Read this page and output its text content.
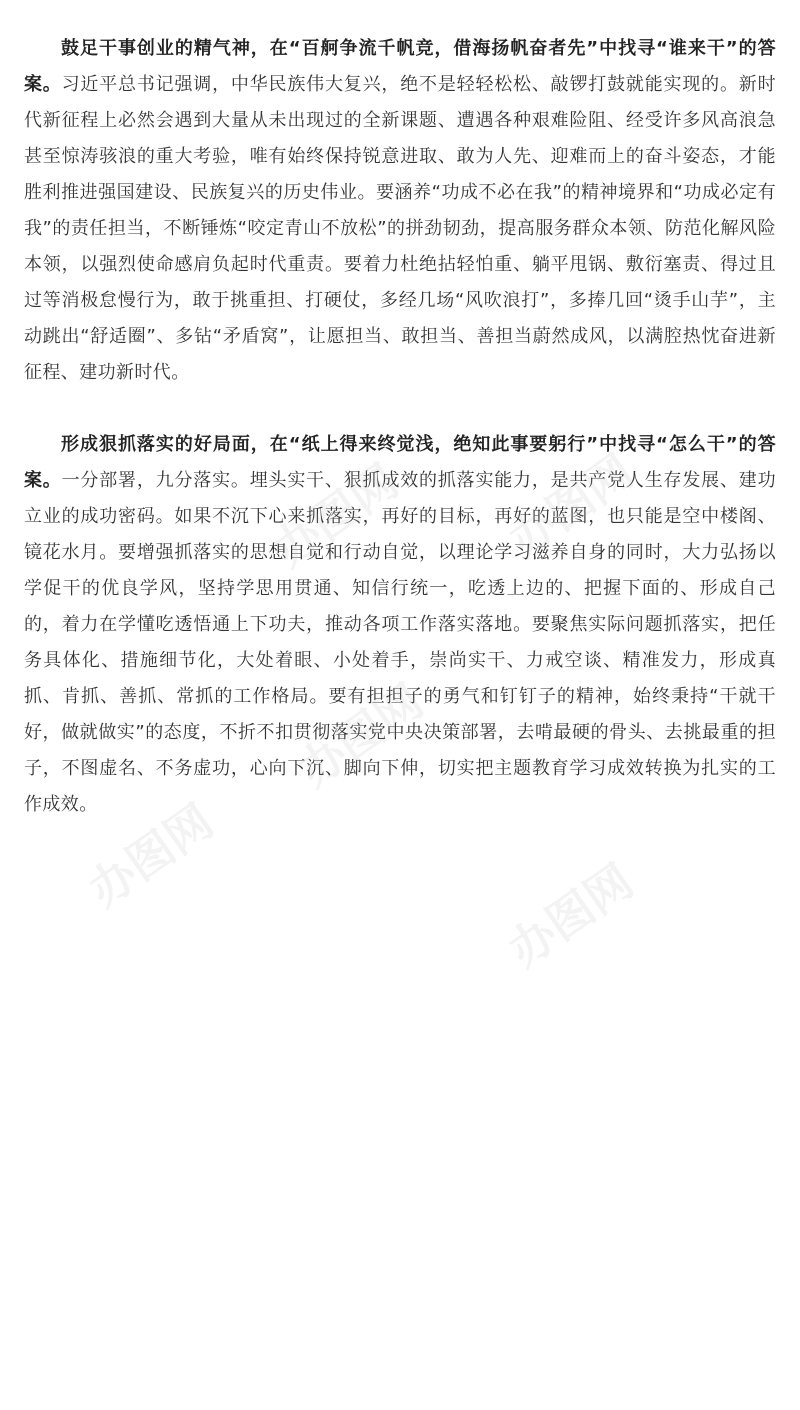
鼓足干事创业的精气神，在“百舸争流千帆竞，借海扬帆奋者先”中找寻“谁来干”的答案。习近平总书记强调，中华民族伟大复兴，绝不是轻轻松松、敲锣打鼓就能实现的。新时代新征程上必然会遇到大量从未出现过的全新课题、遭遇各种艰难险阻、经受许多风高浪急甚至惊涛骇浪的重大考验，唯有始终保持锐意进取、敢为人先、迎难而上的奋斗姿态，才能胜利推进强国建设、民族复兴的历史伟业。要涵养“功成不必在我”的精神境界和“功成必定有我”的责任担当，不断锤炼“咬定青山不放松”的拼劲韧劲，提高服务群众本领、防范化解风险本领，以强烈使命感肩负起时代重责。要着力杜绝拈轻怕重、躺平甩锅、敷衍塞责、得过且过等消极怠慢行为，敢于挑重担、打硬仗，多经几场“风吹浪打”，多捧几回“烫手山芋”，主动跳出“舒适圈”、多钻“矛盾窝”，让愿担当、敢担当、善担当蔚然成风，以满腔热忱奋进新征程、建功新时代。

形成狠抓落实的好局面，在“纸上得来终觉浅，绝知此事要躬行”中找寻“怎么干”的答案。一分部署，九分落实。埋头实干、狠抓成效的抓落实能力，是共产党人生存发展、建功立业的成功密码。如果不沉下心来抓落实，再好的目标，再好的蓝图，也只能是空中楼阁、镜花水月。要增强抓落实的思想自觉和行动自觉，以理论学习滋养自身的同时，大力弘扬以学促干的优良学风，坚持学思用贯通、知信行统一，吃透上边的、把握下面的、形成自己的，着力在学懂吃透悟通上下功夫，推动各项工作落实落地。要聚焦实际问题抓落实，把任务具体化、措施细节化，大处着眼、小处着手，崇尚实干、力戒空谈、精准发力，形成真抓、肯抓、善抓、常抓的工作格局。要有担担子的勇气和钉钉子的精神，始终秉持“干就干好，做就做实”的态度，不折不扣贯彻落实党中央决策部署，去啃最硬的骨头、去挑最重的担子，不图虚名、不务虚功，心向下沉、脚向下伸，切实把主题教育学习成效转换为扎实的工作成效。

办图网 办图网
办图网
办图网	办图网
